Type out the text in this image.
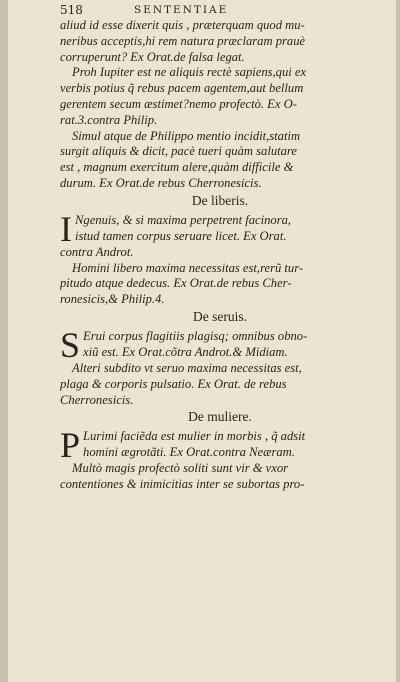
518	SENTENTIAE
aliud id esse dixerit quis , præterquam quod mu-
neribus acceptis,hi rem natura præclaram prauè
corruperunt? Ex Orat.de falsa legat.
Proh Iupiter est ne aliquis rectè sapiens,qui ex
verbis potius q̃ rebus pacem agentem,aut bellum
gerentem secum æstimet?nemo profectò. Ex O-
rat.3.contra Philip.
Simul atque de Philippo mentio incidit,statim
surgit aliquis & dicit, pacè tueri quàm salutare
est , magnum exercitum alere,quàm difficile &
durum. Ex Orat.de rebus Cherronesicis.
De liberis.
I Ngenuis, & si maxima perpetrent facinora,
istud tamen corpus seruare licet. Ex Orat.
contra Androt.
Homini libero maxima necessitas est,rerũ tur-
pitudo atque dedecus. Ex Orat.de rebus Cher-
ronesicis,& Philip.4.
De seruis.
S Erui corpus flagitiis plagisq; omnibus obno-
xiũ est. Ex Orat.cõtra Androt.& Midiam.
Alteri subdito vt seruo maxima necessitas est,
plaga & corporis pulsatio. Ex Orat. de rebus
Cherronesicis.
De muliere.
P Lurimi faciẽda est mulier in morbis , q̃ adsit
homini ægrotãti. Ex Orat.contra Neæram.
Multò magis profectò soliti sunt vir & vxor
contentiones & inimicitias inter se subortas pro-
